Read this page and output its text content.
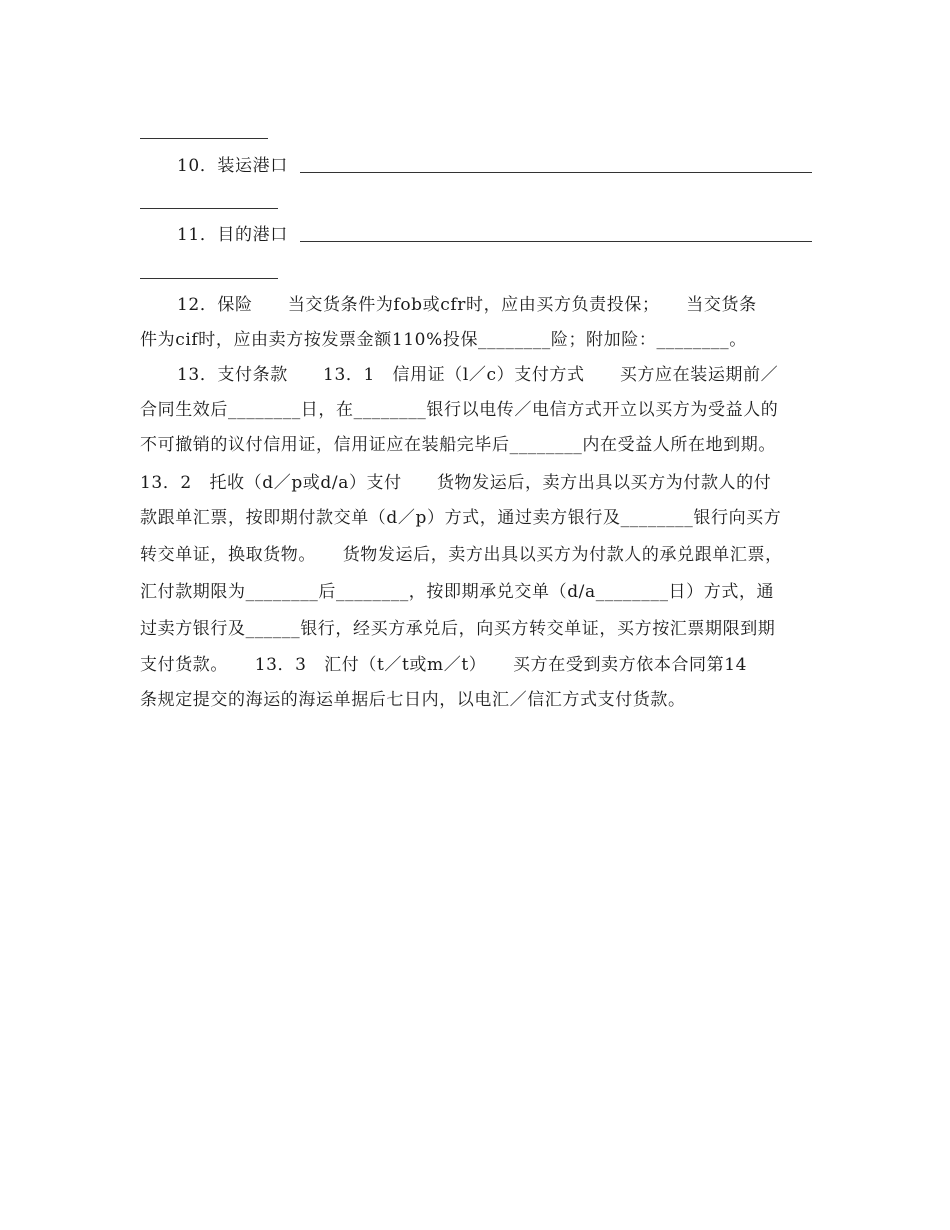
10．装运港口
11．目的港口
12．保险　　当交货条件为fob或cfr时，应由买方负责投保；　　当交货条
件为cif时，应由卖方按发票金额110%投保________险；附加险：________。
13．支付条款　　13．1　信用证（l／c）支付方式　　买方应在装运期前／
合同生效后________日，在________银行以电传／电信方式开立以买方为受益人的
不可撤销的议付信用证，信用证应在装船完毕后________内在受益人所在地到期。
13．2　托收（d／p或d/a）支付　　货物发运后，卖方出具以买方为付款人的付
款跟单汇票，按即期付款交单（d／p）方式，通过卖方银行及________银行向买方
转交单证，换取货物。　　货物发运后，卖方出具以买方为付款人的承兑跟单汇票，
汇付款期限为________后________，按即期承兑交单（d/a________日）方式，通
过卖方银行及______银行，经买方承兑后，向买方转交单证，买方按汇票期限到期
支付货款。　　13．3　汇付（t／t或m／t）　　买方在受到卖方依本合同第14
条规定提交的海运的海运单据后七日内，以电汇／信汇方式支付货款。
